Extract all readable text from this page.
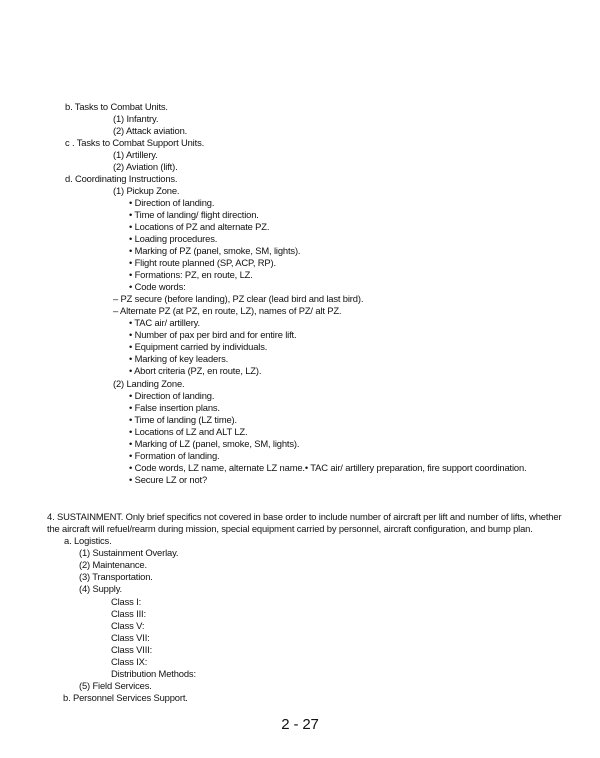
b. Tasks to Combat Units.
(1) Infantry.
(2) Attack aviation.
c . Tasks to Combat Support Units.
(1) Artillery.
(2) Aviation (lift).
d. Coordinating Instructions.
(1) Pickup Zone.
• Direction of landing.
• Time of landing/ flight direction.
• Locations of PZ and alternate PZ.
• Loading procedures.
• Marking of PZ (panel, smoke, SM, lights).
• Flight route planned (SP, ACP, RP).
• Formations: PZ, en route, LZ.
• Code words:
– PZ secure (before landing), PZ clear (lead bird and last bird).
– Alternate PZ (at PZ, en route, LZ), names of PZ/ alt PZ.
• TAC air/ artillery.
• Number of pax per bird and for entire lift.
• Equipment carried by individuals.
• Marking of key leaders.
• Abort criteria (PZ, en route, LZ).
(2) Landing Zone.
• Direction of landing.
• False insertion plans.
• Time of landing (LZ time).
• Locations of LZ and ALT LZ.
• Marking of LZ (panel, smoke, SM, lights).
• Formation of landing.
• Code words, LZ name, alternate LZ name.• TAC air/ artillery preparation, fire support coordination.
• Secure LZ or not?
4. SUSTAINMENT. Only brief specifics not covered in base order to include number of aircraft per lift and number of lifts, whether
the aircraft will refuel/rearm during mission, special equipment carried by personnel, aircraft configuration, and bump plan.
a. Logistics.
(1) Sustainment Overlay.
(2) Maintenance.
(3) Transportation.
(4) Supply.
Class I:
Class III:
Class V:
Class VII:
Class VIII:
Class IX:
Distribution Methods:
(5) Field Services.
b. Personnel Services Support.
2 - 27
